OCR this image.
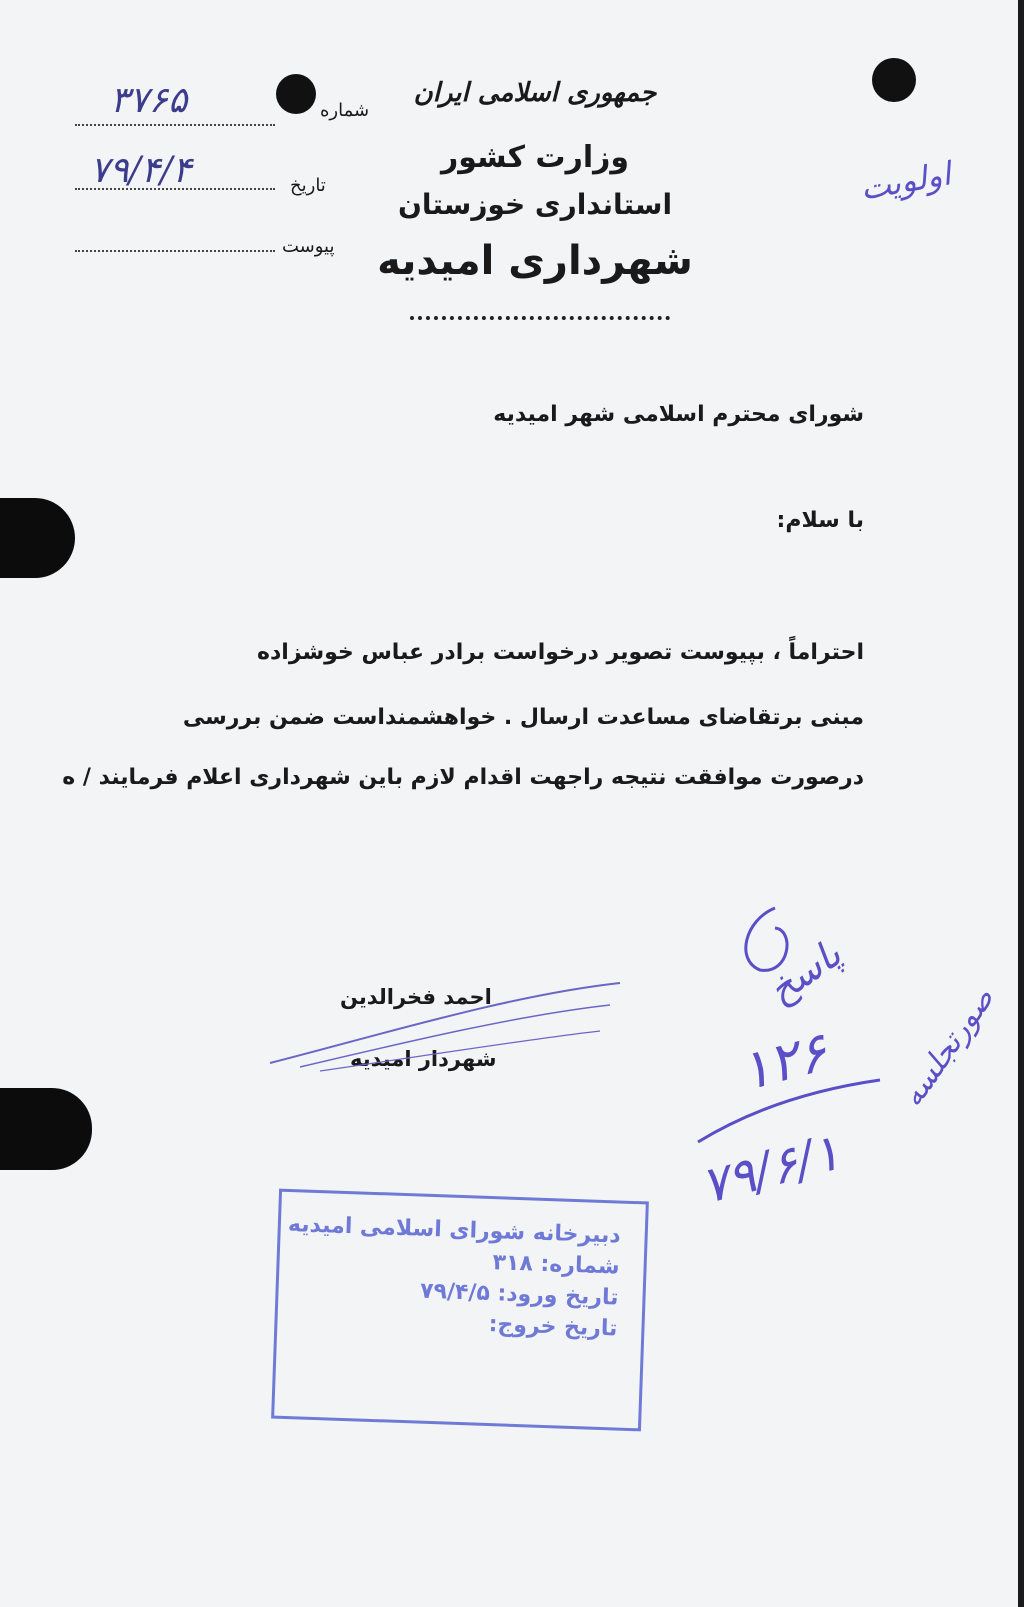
جمهوری اسلامی ایران
وزارت کشور
استانداری خوزستان
شهرداری امیدیه
شماره
۳۷۶۵
تاریخ
۷۹/۴/۴
پیوست
اولویت
شورای محترم اسلامی شهر امیدیه
با سلام:
احتراماً ، بپیوست تصویر درخواست برادر عباس خوشزاده
مبنی برتقاضای مساعدت ارسال . خواهشمنداست ضمن بررسی
درصورت موافقت نتیجه راجهت اقدام لازم باین شهرداری اعلام فرمایند / ه
احمد فخرالدین
شهردار امیدیه
پاسخ
۱۲۶
۷۹/۶/۱
صورتجلسه
دبیرخانه شورای اسلامی امیدیه
شماره: ۳۱۸
تاریخ ورود: ۷۹/۴/۵
تاریخ خروج:
